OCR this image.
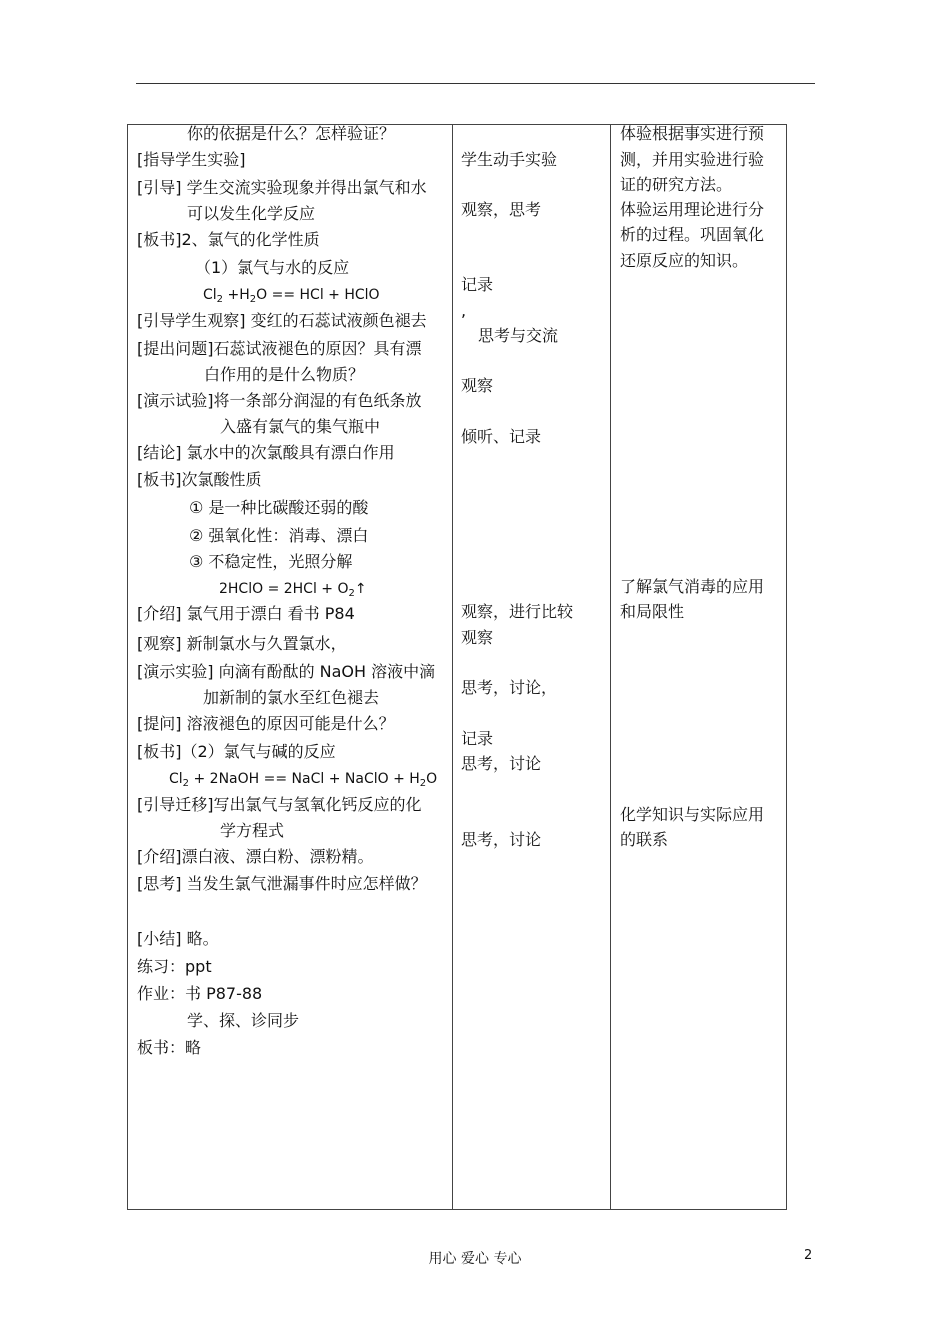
你的依据是什么？怎样验证？
[指导学生实验]
[引导] 学生交流实验现象并得出氯气和水
可以发生化学反应
[板书]2、氯气的化学性质
（1）氯气与水的反应
$Cl_2 +H_2O$ == HCl + HClO
[引导学生观察] 变红的石蕊试液颜色褪去
[提出问题]石蕊试液褪色的原因？具有漂
白作用的是什么物质？
[演示试验]将一条部分润湿的有色纸条放
入盛有氯气的集气瓶中
[结论] 氯水中的次氯酸具有漂白作用
[板书]次氯酸性质
① 是一种比碳酸还弱的酸
② 强氧化性：消毒、漂白
③ 不稳定性，光照分解
2HClO = $2HCl + O_2↑$
[介绍] 氯气用于漂白 看书 P84
[观察] 新制氯水与久置氯水，
[演示实验] 向滴有酚酞的 NaOH 溶液中滴
加新制的氯水至红色褪去
[提问] 溶液褪色的原因可能是什么？
[板书]（2）氯气与碱的反应
$Cl_2$ + 2NaOH == NaCl + NaClO + $H_2O$
[引导迁移]写出氯气与氢氧化钙反应的化
学方程式
[介绍]漂白液、漂白粉、漂粉精。
[思考] 当发生氯气泄漏事件时应怎样做？
[小结] 略。
练习：ppt
作业：书 P87-88
学、探、诊同步
板书：略
学生动手实验
观察，思考
记录
,
思考与交流
观察
倾听、记录
观察，进行比较
观察
思考，讨论，
记录
思考，讨论
思考，讨论
体验根据事实进行预
测，并用实验进行验
证的研究方法。
体验运用理论进行分
析的过程。巩固氧化
还原反应的知识。
了解氯气消毒的应用
和局限性
化学知识与实际应用
的联系
用心 爱心 专心	2
